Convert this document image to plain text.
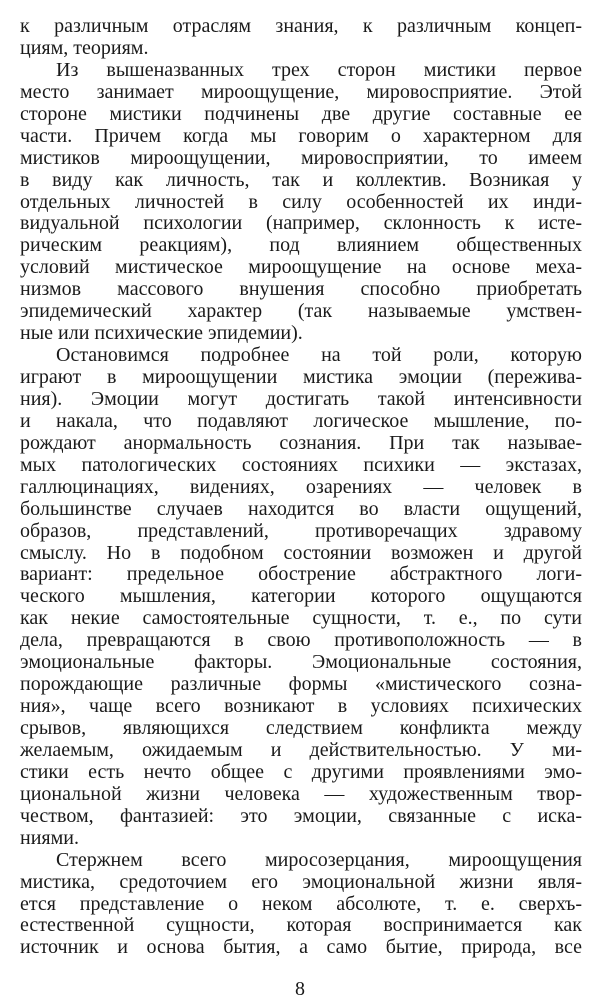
к различным отраслям знания, к различным концеп-
циям, теориям.
Из вышеназванных трех сторон мистики первое
место занимает мироощущение, мировосприятие. Этой
стороне мистики подчинены две другие составные ее
части. Причем когда мы говорим о характерном для
мистиков мироощущении, мировосприятии, то имеем
в виду как личность, так и коллектив. Возникая у
отдельных личностей в силу особенностей их инди-
видуальной психологии (например, склонность к исте-
рическим реакциям), под влиянием общественных
условий мистическое мироощущение на основе меха-
низмов массового внушения способно приобретать
эпидемический характер (так называемые умствен-
ные или психические эпидемии).
Остановимся подробнее на той роли, которую
играют в мироощущении мистика эмоции (пережива-
ния). Эмоции могут достигать такой интенсивности
и накала, что подавляют логическое мышление, по-
рождают анормальность сознания. При так называе-
мых патологических состояниях психики — экстазах,
галлюцинациях, видениях, озарениях — человек в
большинстве случаев находится во власти ощущений,
образов, представлений, противоречащих здравому
смыслу. Но в подобном состоянии возможен и другой
вариант: предельное обострение абстрактного логи-
ческого мышления, категории которого ощущаются
как некие самостоятельные сущности, т. е., по сути
дела, превращаются в свою противоположность — в
эмоциональные факторы. Эмоциональные состояния,
порождающие различные формы «мистического созна-
ния», чаще всего возникают в условиях психических
срывов, являющихся следствием конфликта между
желаемым, ожидаемым и действительностью. У ми-
стики есть нечто общее с другими проявлениями эмо-
циональной жизни человека — художественным твор-
чеством, фантазией: это эмоции, связанные с иска-
ниями.
Стержнем всего миросозерцания, мироощущения
мистика, средоточием его эмоциональной жизни явля-
ется представление о неком абсолюте, т. е. сверхъ-
естественной сущности, которая воспринимается как
источник и основа бытия, а само бытие, природа, все
8
